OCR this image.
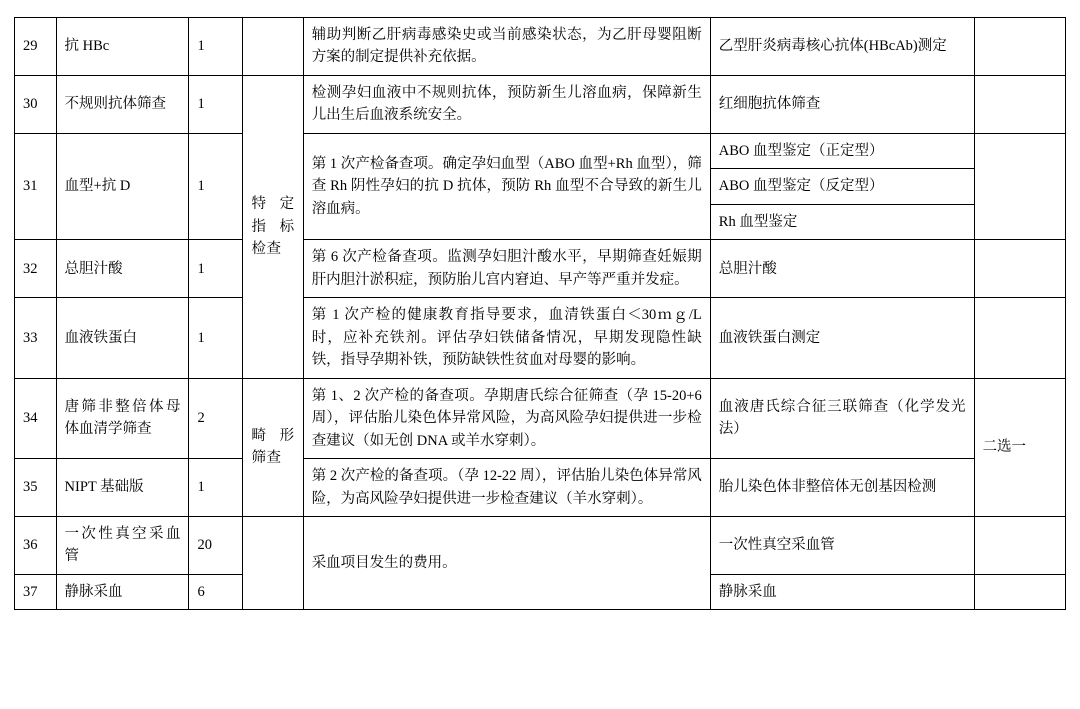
29	抗 HBc	1		辅助判断乙肝病毒感染史或当前感染状态，为乙肝母婴阻断方案的制定提供补充依据。	乙型肝炎病毒核心抗体(HBcAb)测定	
30	不规则抗体筛查	1	特定指标检查	检测孕妇血液中不规则抗体，预防新生儿溶血病，保障新生儿出生后血液系统安全。	红细胞抗体筛查	
31	血型+抗 D	1		第 1 次产检备查项。确定孕妇血型（ABO 血型+Rh 血型），筛查 Rh 阴性孕妇的抗 D 抗体，预防 Rh 血型不合导致的新生儿溶血病。	ABO 血型鉴定（正定型）	
					ABO 血型鉴定（反定型）	
					Rh 血型鉴定	
32	总胆汁酸	1		第 6 次产检备查项。监测孕妇胆汁酸水平，早期筛查妊娠期肝内胆汁淤积症，预防胎儿宫内窘迫、早产等严重并发症。	总胆汁酸	
33	血液铁蛋白	1		第 1 次产检的健康教育指导要求，血清铁蛋白＜30ｍｇ/L 时，应补充铁剂。评估孕妇铁储备情况，早期发现隐性缺铁，指导孕期补铁，预防缺铁性贫血对母婴的影响。	血液铁蛋白测定	
34	唐筛非整倍体母体血清学筛查	2	畸形筛查	第 1、2 次产检的备查项。孕期唐氏综合征筛查（孕 15-20+6 周），评估胎儿染色体异常风险，为高风险孕妇提供进一步检查建议（如无创 DNA 或羊水穿刺）。	血液唐氏综合征三联筛查（化学发光法）	二选一
35	NIPT 基础版	1		第 2 次产检的备查项。（孕 12-22 周），评估胎儿染色体异常风险，为高风险孕妇提供进一步检查建议（羊水穿刺）。	胎儿染色体非整倍体无创基因检测	
36	一次性真空采血管	20		采血项目发生的费用。	一次性真空采血管	
37	静脉采血	6			静脉采血	
